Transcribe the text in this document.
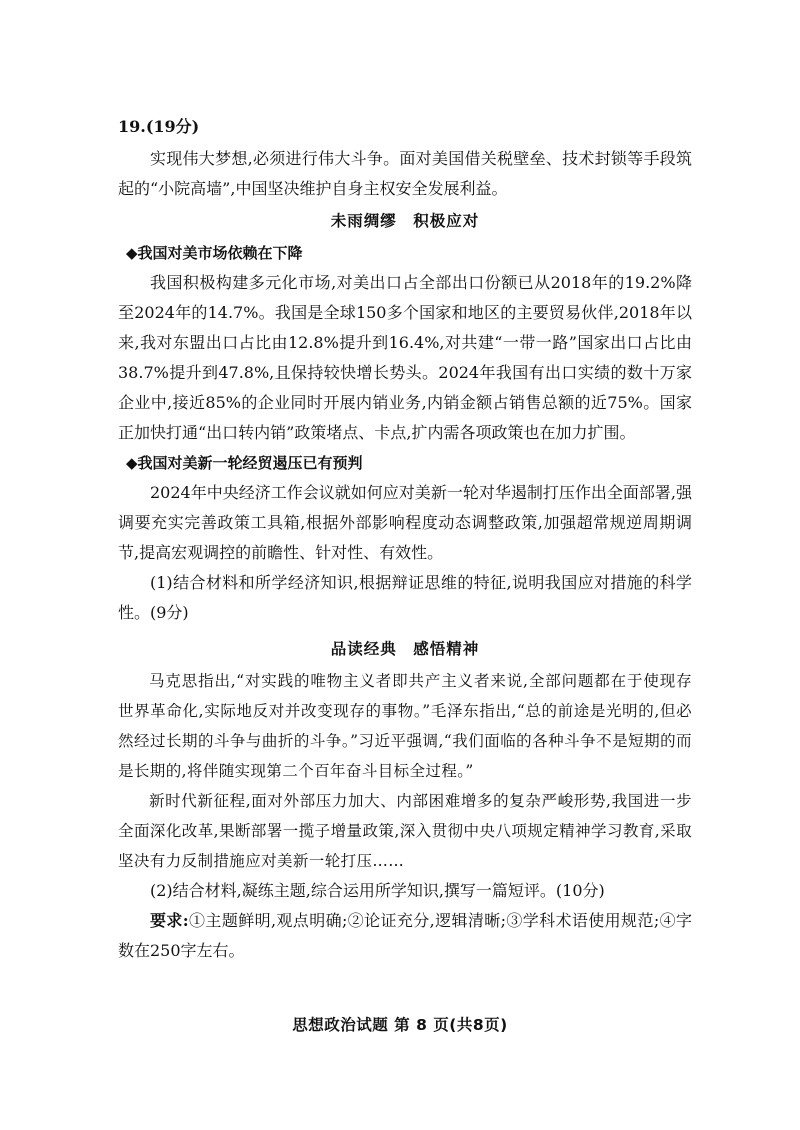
19.(19分)

实现伟大梦想,必须进行伟大斗争。面对美国借关税壁垒、技术封锁等手段筑起的“小院高墙”,中国坚决维护自身主权安全发展利益。

未雨绸缪　积极应对

◆我国对美市场依赖在下降

我国积极构建多元化市场,对美出口占全部出口份额已从2018年的19.2%降至2024年的14.7%。我国是全球150多个国家和地区的主要贸易伙伴,2018年以来,我对东盟出口占比由12.8%提升到16.4%,对共建“一带一路”国家出口占比由38.7%提升到47.8%,且保持较快增长势头。2024年我国有出口实绩的数十万家企业中,接近85%的企业同时开展内销业务,内销金额占销售总额的近75%。国家正加快打通“出口转内销”政策堵点、卡点,扩内需各项政策也在加力扩围。

◆我国对美新一轮经贸遏压已有预判

2024年中央经济工作会议就如何应对美新一轮对华遏制打压作出全面部署,强调要充实完善政策工具箱,根据外部影响程度动态调整政策,加强超常规逆周期调节,提高宏观调控的前瞻性、针对性、有效性。

(1)结合材料和所学经济知识,根据辩证思维的特征,说明我国应对措施的科学性。(9分)

品读经典　感悟精神

马克思指出,“对实践的唯物主义者即共产主义者来说,全部问题都在于使现存世界革命化,实际地反对并改变现存的事物。”毛泽东指出,“总的前途是光明的,但必然经过长期的斗争与曲折的斗争。”习近平强调,“我们面临的各种斗争不是短期的而是长期的,将伴随实现第二个百年奋斗目标全过程。”

新时代新征程,面对外部压力加大、内部困难增多的复杂严峻形势,我国进一步全面深化改革,果断部署一揽子增量政策,深入贯彻中央八项规定精神学习教育,采取坚决有力反制措施应对美新一轮打压……

(2)结合材料,凝练主题,综合运用所学知识,撰写一篇短评。(10分)

要求:①主题鲜明,观点明确;②论证充分,逻辑清晰;③学科术语使用规范;④字数在250字左右。

思想政治试题 第 8 页(共8页)
